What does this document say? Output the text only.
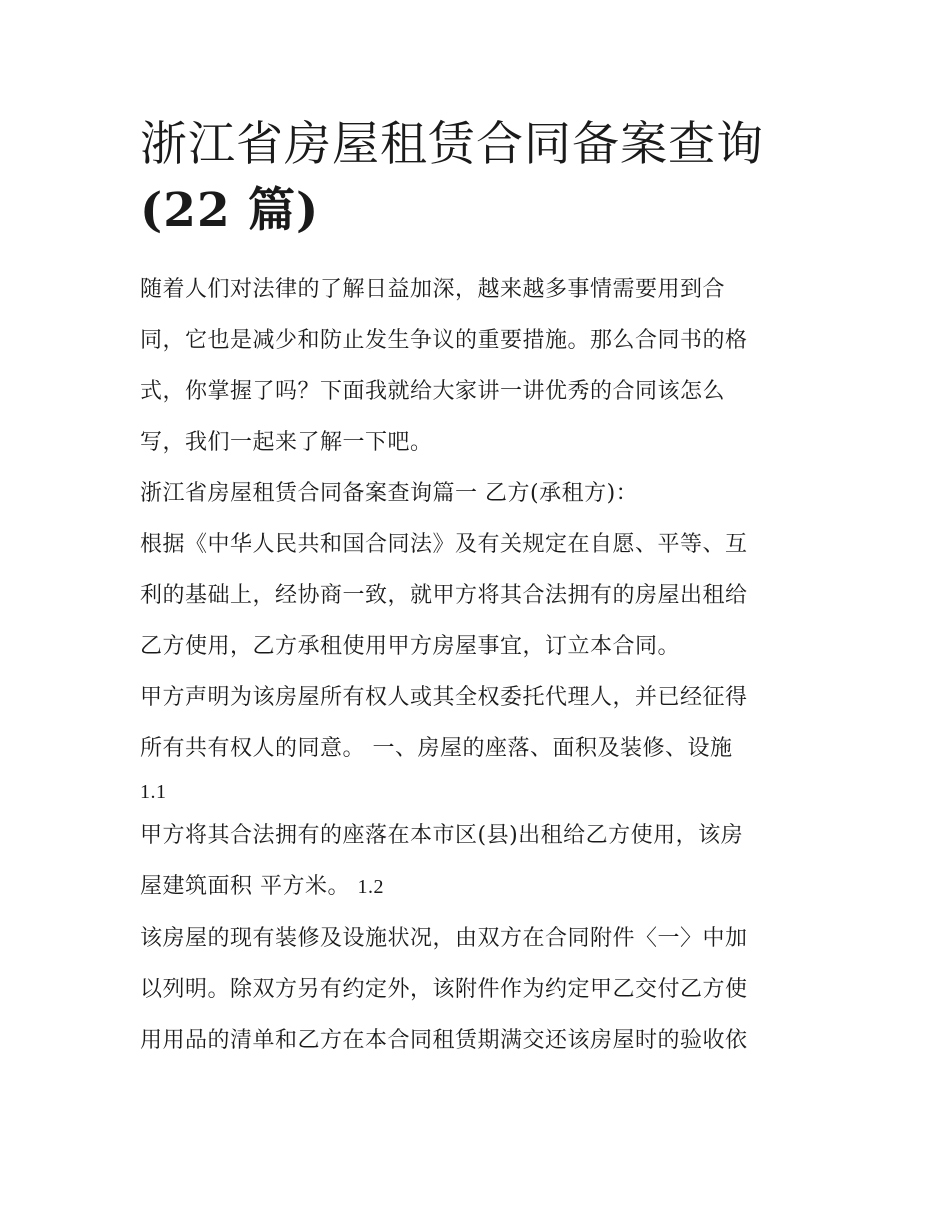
浙江省房屋租赁合同备案查询
(22 篇)

随着人们对法律的了解日益加深，越来越多事情需要用到合
同，它也是减少和防止发生争议的重要措施。那么合同书的格
式，你掌握了吗？下面我就给大家讲一讲优秀的合同该怎么
写，我们一起来了解一下吧。

浙江省房屋租赁合同备案查询篇一 乙方(承租方)：

根据《中华人民共和国合同法》及有关规定在自愿、平等、互
利的基础上，经协商一致，就甲方将其合法拥有的房屋出租给
乙方使用，乙方承租使用甲方房屋事宜，订立本合同。

甲方声明为该房屋所有权人或其全权委托代理人，并已经征得
所有共有权人的同意。 一、房屋的座落、面积及装修、设施

1.1

甲方将其合法拥有的座落在本市区(县)出租给乙方使用，该房
屋建筑面积 平方米。 1.2

该房屋的现有装修及设施状况，由双方在合同附件〈一〉中加
以列明。除双方另有约定外，该附件作为约定甲乙交付乙方使
用用品的清单和乙方在本合同租赁期满交还该房屋时的验收依
